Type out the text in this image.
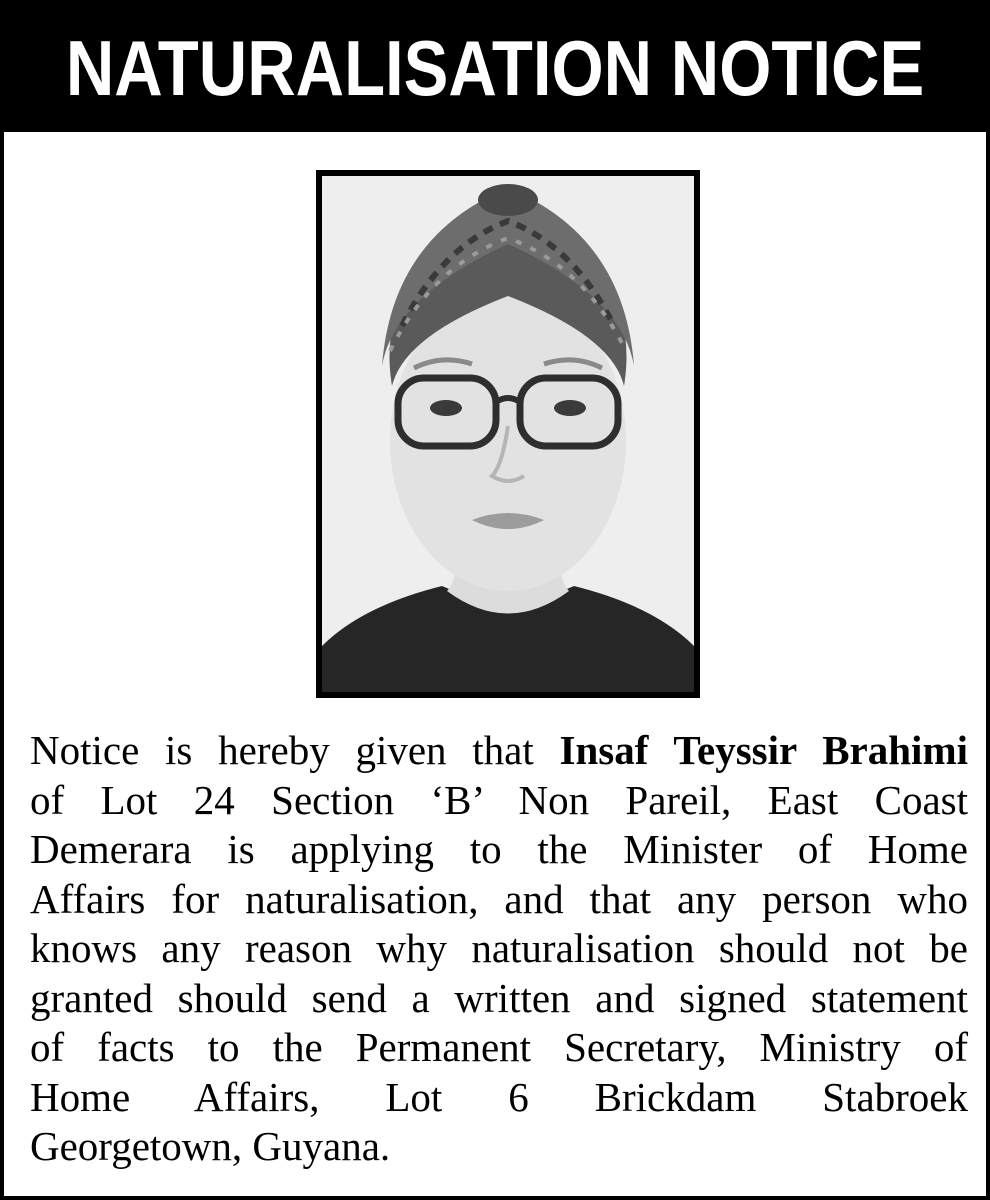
NATURALISATION NOTICE
Notice is hereby given that Insaf Teyssir Brahimi
of Lot 24 Section ‘B’ Non Pareil, East Coast
Demerara is applying to the Minister of Home
Affairs for naturalisation, and that any person who
knows any reason why naturalisation should not be
granted should send a written and signed statement
of facts to the Permanent Secretary, Ministry of
Home Affairs, Lot 6 Brickdam Stabroek
Georgetown, Guyana.
